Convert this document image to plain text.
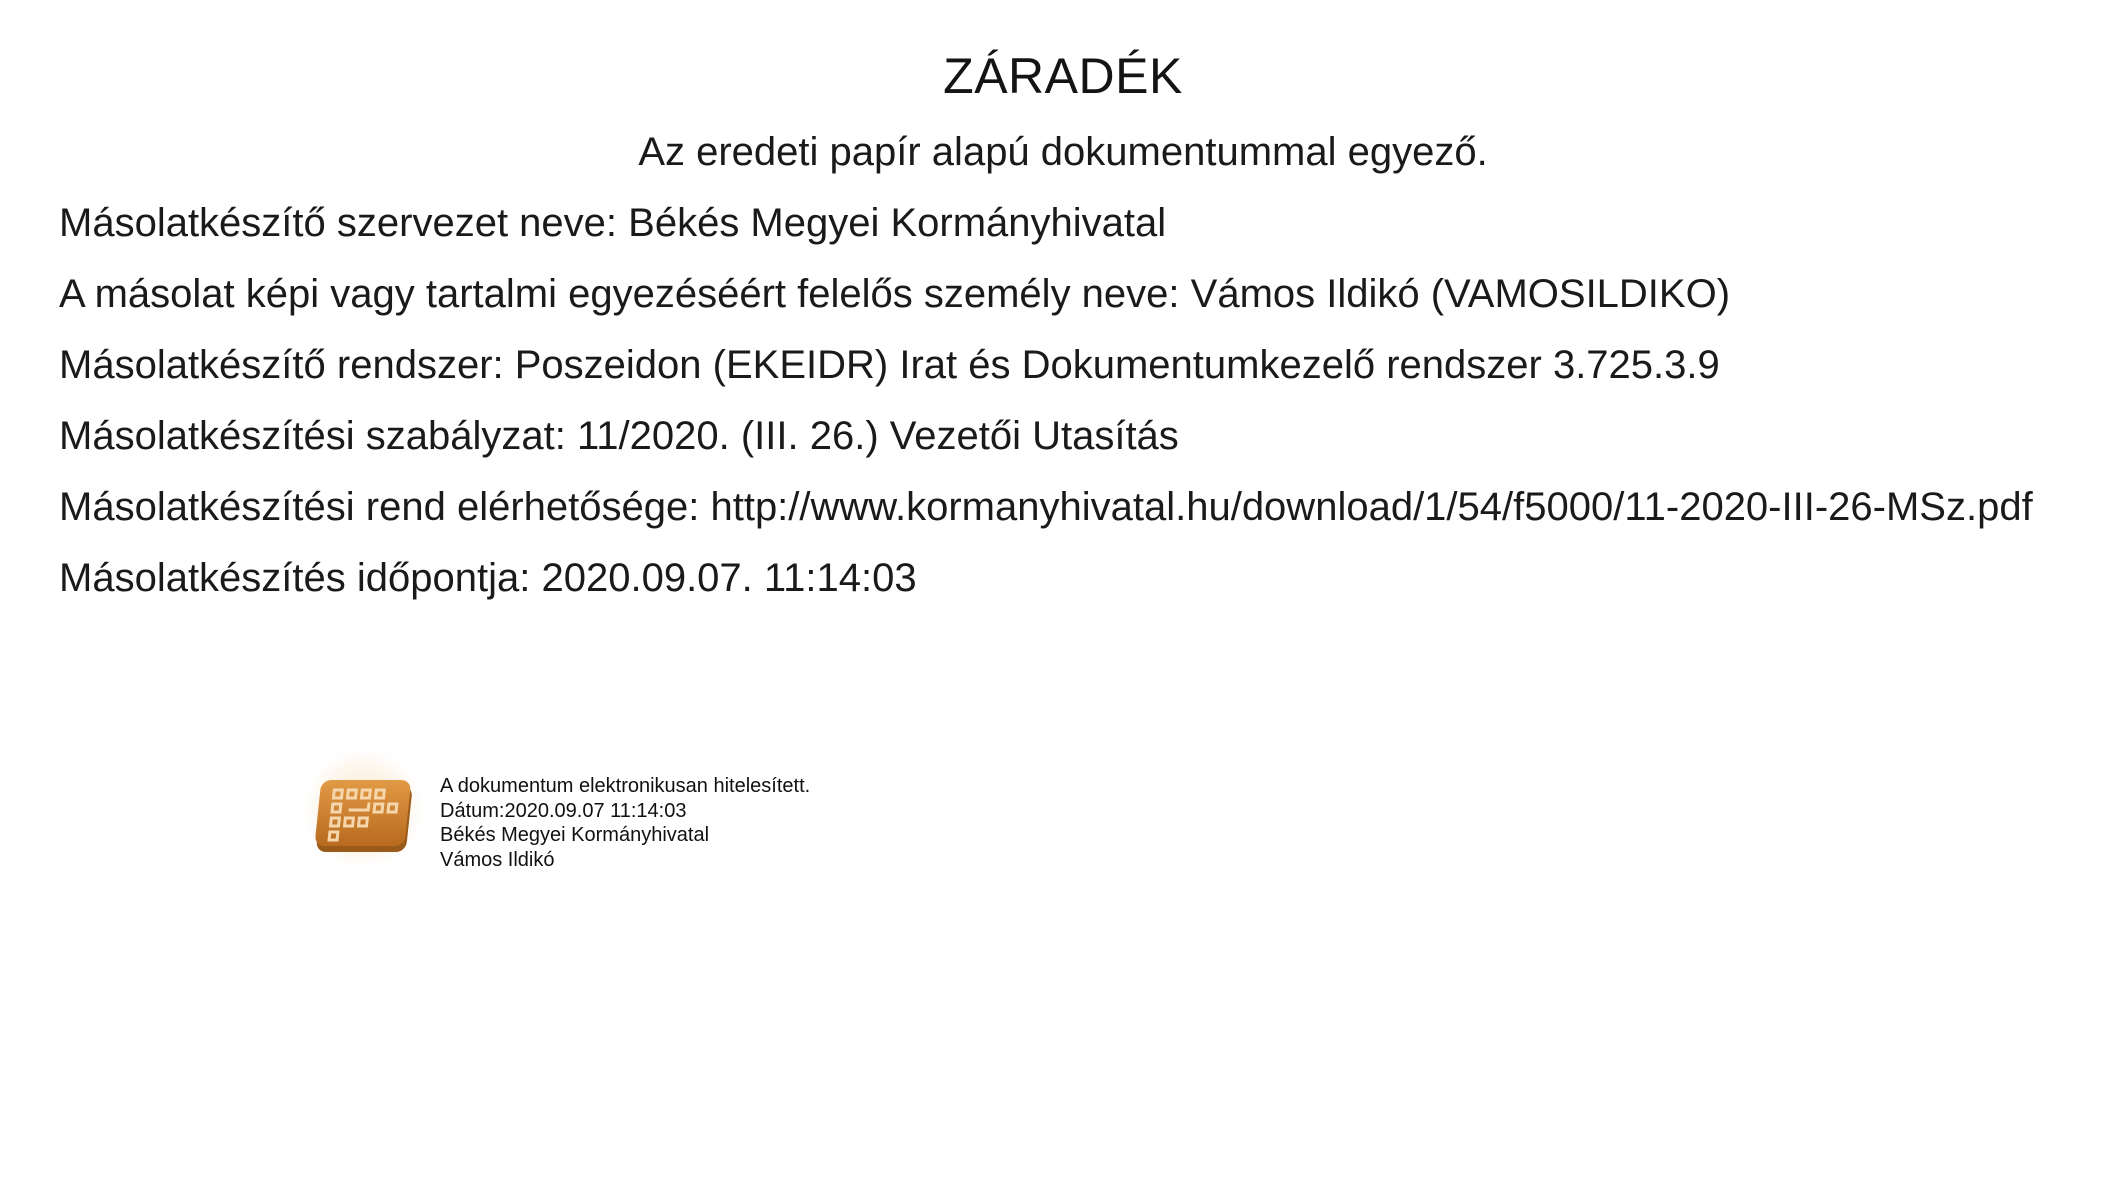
ZÁRADÉK
Az eredeti papír alapú dokumentummal egyező.
Másolatkészítő szervezet neve: Békés Megyei Kormányhivatal
A másolat képi vagy tartalmi egyezéséért felelős személy neve: Vámos Ildikó (VAMOSILDIKO)
Másolatkészítő rendszer: Poszeidon (EKEIDR) Irat és Dokumentumkezelő rendszer 3.725.3.9
Másolatkészítési szabályzat: 11/2020. (III. 26.) Vezetői Utasítás
Másolatkészítési rend elérhetősége: http://www.kormanyhivatal.hu/download/1/54/f5000/11-2020-III-26-MSz.pdf
Másolatkészítés időpontja: 2020.09.07. 11:14:03
A dokumentum elektronikusan hitelesített.
Dátum:2020.09.07 11:14:03
Békés Megyei Kormányhivatal
Vámos Ildikó
